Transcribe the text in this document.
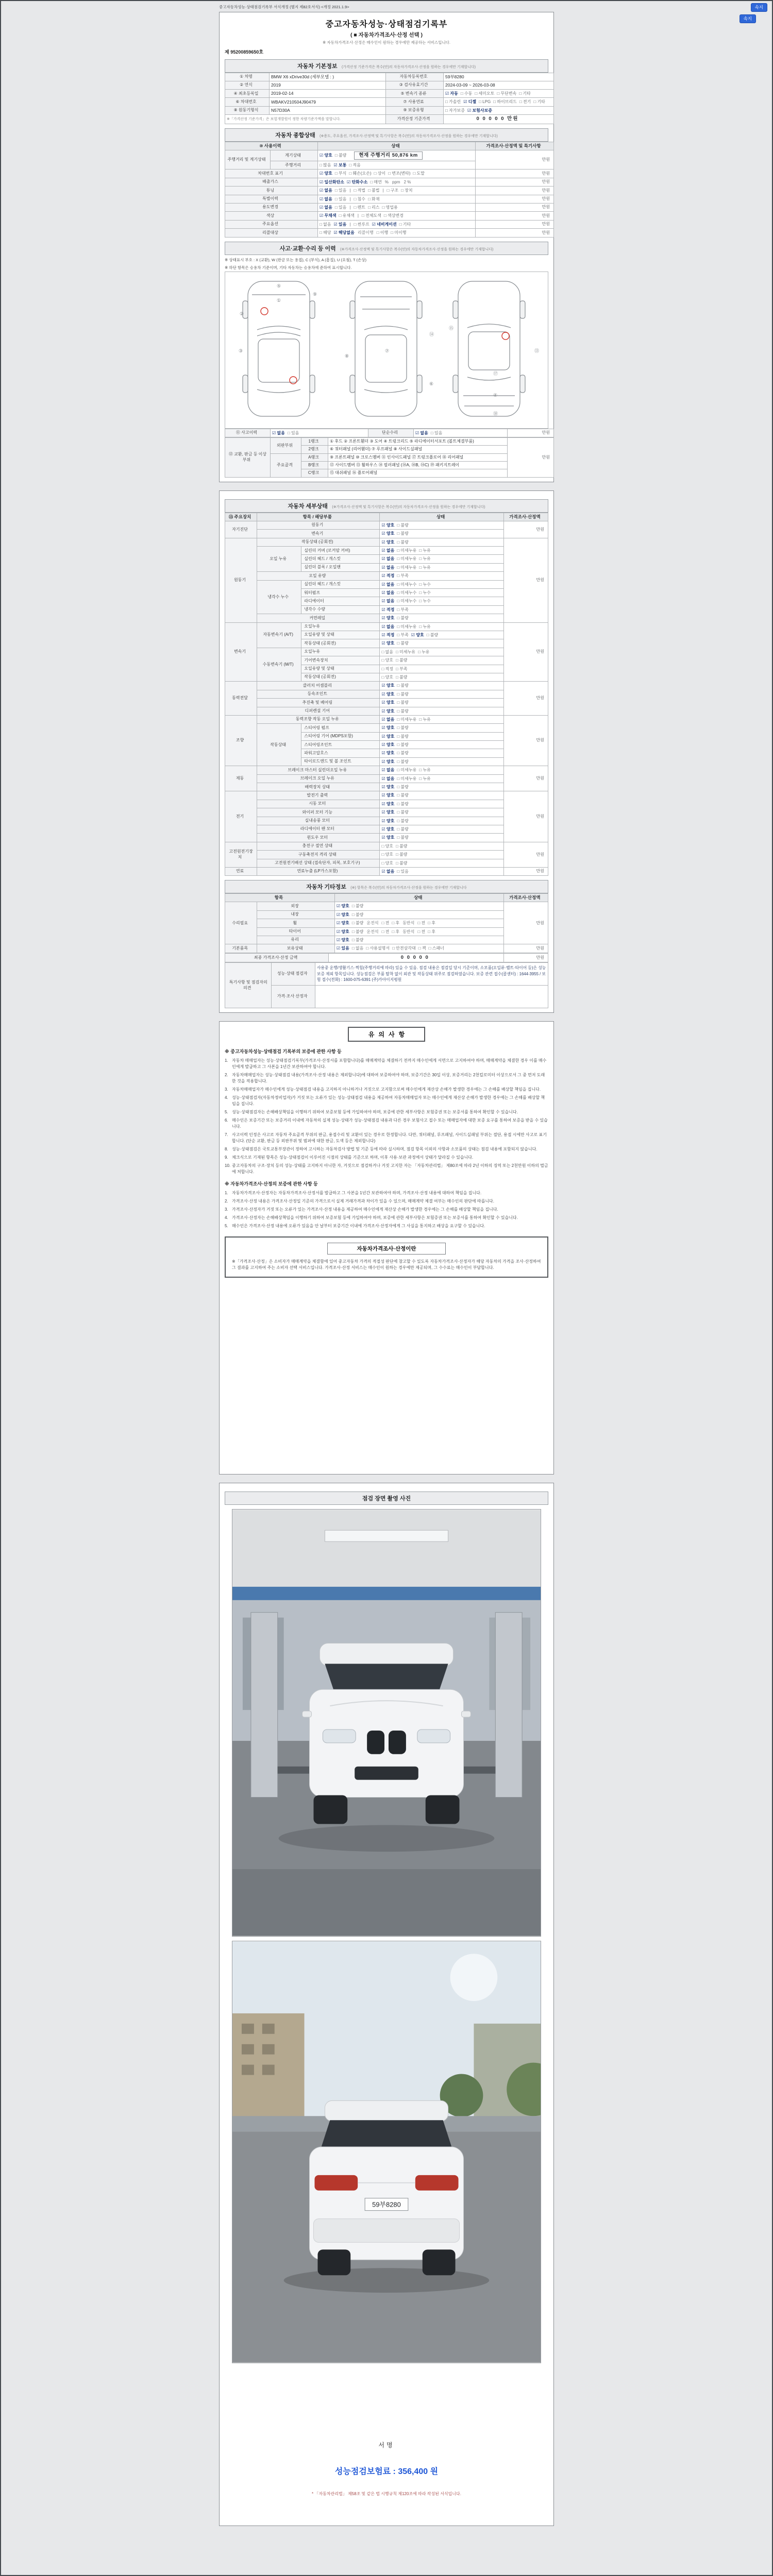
중고자동차성능·상태점검기록부 서식개정 (별지 제82호서식) <개정 2021.1.9>
속지
속지
중고자동차성능·상태점검기록부
( ■ 자동차가격조사·산정 선택 )
※ 자동차가격조사·산정은 매수인이 원하는 경우에만 제공하는 서비스입니다.
제 95200859650호
자동차 기본정보 (가격산정 기준가격은 복수(안)의 자동차가격조사·산정을 원하는 경우에만 기재합니다)
① 차명	BMW X6 xDrive30d (세부모델 : )	자동차등록번호	59부8280
② 연식	2019	③ 검사유효기간	2024-03-09 ~ 2026-03-08
④ 최초등록일	2019-02-14	⑤ 변속기 종류	☑ 자동 □ 수동 □ 세미오토 □ 무단변속 □ 기타
⑥ 차대번호	WBAKV210504J90479	⑦ 사용연료	□ 가솔린 ☑ 디젤 □ LPG □ 하이브리드 □ 전기 □ 기타
⑧ 원동기형식	N57D30A	⑨ 보증유형	□ 자가보증 ☑ 보험사보증
※「가격산정 기준가격」은 보험개발원이 정한 차량기준가액을 말합니다.		가격산정 기준가격	0 0 0 0 0 만원
자동차 종합상태 (※용도, 주요옵션, 가격조사·산정액 및 특기사항은 복수(안)의 자동차가격조사·산정을 원하는 경우에만 기재합니다)
⑩ 사용이력		상태	가격조사·산정액 및 특기사항
주행거리 및 계기상태	계기상태	☑ 양호 □ 불량 현재 주행거리 50,876 km	만원
	주행거리	□ 많음 ☑ 보통 □ 적음	
차대번호 표기		☑ 양호 □ 부식 □ 훼손(오손) □ 상이 □ 변조(변타) □ 도말	만원
배출가스		☑ 일산화탄소 ☑ 탄화수소 □ 매연 % ppm 2 %	만원
튜닝		☑ 없음 □ 있음 | □ 적법 □ 불법 | □ 구조 □ 장치	만원
특별이력		☑ 없음 □ 있음 | □ 침수 □ 화재	만원
용도변경		☑ 없음 □ 있음 | □ 렌트 □ 리스 □ 영업용	만원
색상		☑ 무채색 □ 유채색 | □ 전체도색 □ 색상변경	만원
주요옵션		□ 없음 ☑ 있음 | □ 썬루프 ☑ 네비게이션 □ 기타	만원
리콜대상		□ 해당 ☑ 해당없음 리콜이행 □ 이행 □ 미이행	만원
사고·교환·수리 등 이력 (※가격조사·산정액 및 특기사항은 복수(안)의 자동차가격조사·산정을 원하는 경우에만 기재합니다)
※ 상태표시 부호 : X (교환), W (판금 또는 용접), C (부식), A (흠집), U (요철), T (손상)
※ 하단 항목은 승용차 기준이며, 기타 자동차는 승용차에 준하여 표시합니다.
⑤
①
②
③
⑨
⑧
⑦
⑥
⑭
⑮
⑰
④
⑱
⑬
⑪ 사고이력	☑ 없음 □ 있음	단순수리	☑ 없음 □ 있음	만원
⑫ 교환, 판금 등 이상 부위	외판부위	1랭크	① 후드 ② 프론트휀더 ③ 도어 ④ 트렁크리드 ⑤ 라디에이터서포트 (볼트체결부품)	만원
		2랭크	⑥ 쿼터패널 (리어휀더) ⑦ 루프패널 ⑧ 사이드실패널	
	주요골격	A랭크	⑨ 프론트패널 ⑩ 크로스멤버 ⑪ 인사이드패널 ⑰ 트렁크플로어 ⑱ 리어패널	
		B랭크	⑫ 사이드멤버 ⑬ 휠하우스 ⑭ 필러패널 (⑭A, ⑭B, ⑭C) ⑲ 패키지트레이	
		C랭크	⑮ 대쉬패널 ⑯ 플로어패널	
자동차 세부상태 (※가격조사·산정액 및 특기사항은 복수(안)의 자동차가격조사·산정을 원하는 경우에만 기재합니다)
⑬ 주요장치	항목 / 해당부품		상태	가격조사·산정액
자기진단	원동기		☑ 양호 □ 불량	만원
	변속기		☑ 양호 □ 불량	
원동기	작동상태 (공회전)		☑ 양호 □ 불량	만원
	오일 누유	실린더 커버 (로커암 커버)	☑ 없음 □ 미세누유 □ 누유	
		실린더 헤드 / 개스킷	☑ 없음 □ 미세누유 □ 누유	
		실린더 블록 / 오일팬	☑ 없음 □ 미세누유 □ 누유	
	오일 유량		☑ 적정 □ 부족	
	냉각수 누수	실린더 헤드 / 개스킷	☑ 없음 □ 미세누수 □ 누수	
		워터펌프	☑ 없음 □ 미세누수 □ 누수	
		라디에이터	☑ 없음 □ 미세누수 □ 누수	
		냉각수 수량	☑ 적정 □ 부족	
	커먼레일		☑ 양호 □ 불량	
변속기	자동변속기 (A/T)	오일누유	☑ 없음 □ 미세누유 □ 누유	만원
		오일유량 및 상태	☑ 적정 □ 부족 ☑ 양호 □ 불량	
		작동상태 (공회전)	☑ 양호 □ 불량	
	수동변속기 (M/T)	오일누유	□ 없음 □ 미세누유 □ 누유	
		기어변속장치	□ 양호 □ 불량	
		오일유량 및 상태	□ 적정 □ 부족	
		작동상태 (공회전)	□ 양호 □ 불량	
동력전달	클러치 어셈블리		☑ 양호 □ 불량	만원
	등속조인트		☑ 양호 □ 불량	
	추진축 및 베어링		☑ 양호 □ 불량	
	디퍼렌셜 기어		☑ 양호 □ 불량	
조향	동력조향 작동 오일 누유		☑ 없음 □ 미세누유 □ 누유	만원
	작동상태	스티어링 펌프	☑ 양호 □ 불량	
		스티어링 기어 (MDPS포함)	☑ 양호 □ 불량	
		스티어링조인트	☑ 양호 □ 불량	
		파워고압호스	☑ 양호 □ 불량	
		타이로드엔드 및 볼 조인트	☑ 양호 □ 불량	
제동	브레이크 마스터 실린더오일 누유		☑ 없음 □ 미세누유 □ 누유	만원
	브레이크 오일 누유		☑ 없음 □ 미세누유 □ 누유	
	배력장치 상태		☑ 양호 □ 불량	
전기	발전기 출력		☑ 양호 □ 불량	만원
	시동 모터		☑ 양호 □ 불량	
	와이퍼 모터 기능		☑ 양호 □ 불량	
	실내송풍 모터		☑ 양호 □ 불량	
	라디에이터 팬 모터		☑ 양호 □ 불량	
	윈도우 모터		☑ 양호 □ 불량	
고전원전기장치	충전구 절연 상태		□ 양호 □ 불량	만원
	구동축전지 격리 상태		□ 양호 □ 불량	
	고전원전기배선 상태 (접속단자, 피복, 보호기구)		□ 양호 □ 불량	
연료	연료누출 (LP가스포함)		☑ 없음 □ 있음	만원
자동차 기타정보 (※) 항목은 복수(안)의 자동차가격조사·산정을 원하는 경우에만 기재합니다
항목		상태	가격조사·산정액
수리필요	외장	☑ 양호 □ 불량	만원
	내장	☑ 양호 □ 불량	
	휠	☑ 양호 □ 불량 운전석 □ 전 □ 후 동반석 □ 전 □ 후	
	타이어	☑ 양호 □ 불량 운전석 □ 전 □ 후 동반석 □ 전 □ 후	
	유리	☑ 양호 □ 불량	
기본품목	보유상태	☑ 있음 □ 없음 □ 사용설명서 □ 안전삼각대 □ 잭 □ 스패너	만원
최종 가격조사·산정 금액	0 0 0 0 0	만원
특기사항 및 점검자의 의견	성능·상태 점검자	사용중 운행/생활기스·찍힘(주행거리에 따라) 있을 수 있음. 점검 내용은 점검일 당시 기준이며, 소모품(오일류·벨트·타이어 등)은 성능보증 제외 항목입니다. 성능점검은 부품 탈착 없이 외관 및 작동상태 위주로 점검하였습니다. 보증 관련 접수(콜센터) : 1644-3955 / 보험 접수(전화) : 1600-075-6391 (주)카아이지평원
	가격·조사 산정자	
유의사항
※ 중고자동차성능·상태점검 기록부의 보증에 관한 사항 등
1. 자동차 매매업자는 성능·상태점검기록부(가격조사·산정서를 포함합니다)를 매매계약을 체결하기 전까지 매수인에게 서면으로 고지하여야 하며, 매매계약을 체결한 경우 이를 매수인에게 발급하고 그 사본을 1년간 보관하여야 합니다.
2. 자동차매매업자는 성능·상태점검 내용(가격조사·산정 내용은 제외합니다)에 대하여 보증하여야 하며, 보증기간은 30일 이상, 보증거리는 2천킬로미터 이상으로서 그 중 먼저 도래한 것을 적용합니다.
3. 자동차매매업자가 매수인에게 성능·상태점검 내용을 고지하지 아니하거나 거짓으로 고지함으로써 매수인에게 재산상 손해가 발생한 경우에는 그 손해를 배상할 책임을 집니다.
4. 성능·상태점검자(자동차정비업자)가 거짓 또는 오류가 있는 성능·상태점검 내용을 제공하여 자동차매매업자 또는 매수인에게 재산상 손해가 발생한 경우에는 그 손해를 배상할 책임을 집니다.
5. 성능·상태점검자는 손해배상책임을 이행하기 위하여 보증보험 등에 가입하여야 하며, 보증에 관한 세부사항은 보험증권 또는 보증서를 통하여 확인할 수 있습니다.
6. 매수인은 보증기간 또는 보증거리 이내에 자동차의 실제 성능·상태가 성능·상태점검 내용과 다른 경우 보험사고 접수 또는 매매업자에 대한 보증 요구를 통하여 보증을 받을 수 있습니다.
7. 사고이력 인정은 사고로 자동차 주요골격 부위의 판금, 용접수리 및 교환이 있는 경우로 한정합니다. 다만, 쿼터패널, 루프패널, 사이드실패널 부위는 절단, 용접 시에만 사고로 표기합니다. (단순 교환, 판금 등 외판부위 및 범퍼에 대한 판금, 도색 등은 제외합니다)
8. 성능·상태점검은 국토교통부장관이 정하여 고시하는 자동차검사 방법 및 기준 등에 따라 실시하며, 점검 항목 이외의 사항과 소모품의 상태는 점검 내용에 포함되지 않습니다.
9. 체크식으로 기재된 항목은 성능·상태점검이 이루어진 시점의 상태를 기준으로 하며, 이후 사용·보관 과정에서 상태가 달라질 수 있습니다.
10. 중고자동차의 구조·장치 등의 성능·상태를 고지하지 아니한 자, 거짓으로 점검하거나 거짓 고지한 자는 「자동차관리법」 제80조에 따라 2년 이하의 징역 또는 2천만원 이하의 벌금에 처합니다.
※ 자동차가격조사·산정의 보증에 관한 사항 등
1. 자동차가격조사·산정자는 자동차가격조사·산정서를 발급하고 그 사본을 1년간 보관하여야 하며, 가격조사·산정 내용에 대하여 책임을 집니다.
2. 가격조사·산정 내용은 가격조사·산정일 기준의 가격으로서 실제 거래가격과 차이가 있을 수 있으며, 매매계약 체결 여부는 매수인의 판단에 따릅니다.
3. 가격조사·산정자가 거짓 또는 오류가 있는 가격조사·산정 내용을 제공하여 매수인에게 재산상 손해가 발생한 경우에는 그 손해를 배상할 책임을 집니다.
4. 가격조사·산정자는 손해배상책임을 이행하기 위하여 보증보험 등에 가입하여야 하며, 보증에 관한 세부사항은 보험증권 또는 보증서를 통하여 확인할 수 있습니다.
5. 매수인은 가격조사·산정 내용에 오류가 있음을 안 날부터 보증기간 이내에 가격조사·산정자에게 그 사실을 통지하고 배상을 요구할 수 있습니다.
자동차가격조사·산정이란
※「가격조사·산정」은 소비자가 매매계약을 체결함에 있어 중고자동차 가격의 적절성 판단에 참고할 수 있도록 자동차가격조사·산정자가 해당 자동차의 가격을 조사·산정하여 그 결과를 고지하여 주는 소비자 선택 서비스입니다. 가격조사·산정 서비스는 매수인이 원하는 경우에만 제공되며, 그 수수료는 매수인이 부담합니다.
점검 장면 촬영 사진
59부8280
서명
성능점검보험료 : 356,400 원
* 「자동차관리법」 제58조 및 같은 법 시행규칙 제120조에 따라 작성된 서식입니다.
